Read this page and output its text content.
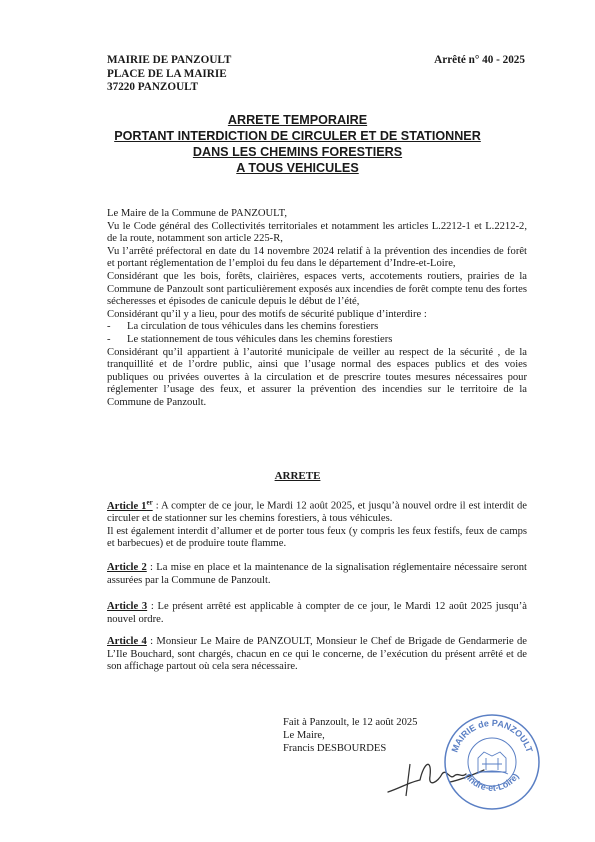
MAIRIE DE PANZOULT
PLACE DE LA MAIRIE
37220 PANZOULT
Arrêté n° 40 - 2025
ARRETE TEMPORAIRE
PORTANT INTERDICTION DE CIRCULER ET DE STATIONNER
DANS LES CHEMINS FORESTIERS
A TOUS VEHICULES

Le Maire de la Commune de PANZOULT,

Vu le Code général des Collectivités territoriales et notamment les articles L.2212-1 et L.2212-2, de la route, notamment son article 225-R,

Vu l’arrêté préfectoral en date du 14 novembre 2024 relatif à la prévention des incendies de forêt et portant réglementation de l’emploi du feu dans le département d’Indre-et-Loire,

Considérant que les bois, forêts, clairières, espaces verts, accotements routiers, prairies de la Commune de Panzoult sont particulièrement exposés aux incendies de forêt compte tenu des fortes sécheresses et épisodes de canicule depuis le début de l’été,

Considérant qu’il y a lieu, pour des motifs de sécurité publique d’interdire :

- La circulation de tous véhicules dans les chemins forestiers

- Le stationnement de tous véhicules dans les chemins forestiers

Considérant qu’il appartient à l’autorité municipale de veiller au respect de la sécurité , de la tranquillité et de l’ordre public, ainsi que l’usage normal des espaces publics et des voies publiques ou privées ouvertes à la circulation et de prescrire toutes mesures nécessaires pour réglementer l’usage des feux, et assurer la prévention des incendies sur le territoire de la Commune de Panzoult.

ARRETE

Article 1er : A compter de ce jour, le Mardi 12 août 2025, et jusqu’à nouvel ordre il est interdit de circuler et de stationner sur les chemins forestiers, à tous véhicules.

Il est également interdit d’allumer et de porter tous feux (y compris les feux festifs, feux de camps et barbecues) et de produire toute flamme.

Article 2 : La mise en place et la maintenance de la signalisation réglementaire nécessaire seront assurées par la Commune de Panzoult.

Article 3 : Le présent arrêté est applicable à compter de ce jour, le Mardi 12 août 2025 jusqu’à nouvel ordre.

Article 4 : Monsieur Le Maire de PANZOULT, Monsieur le Chef de Brigade de Gendarmerie de L’Ile Bouchard, sont chargés, chacun en ce qui le concerne, de l’exécution du présent arrêté et de son affichage partout où cela sera nécessaire.

Fait à Panzoult, le 12 août 2025
Le Maire,
Francis DESBOURDES	MAIRIE de PANZOULT
(Indre-et-Loire)
